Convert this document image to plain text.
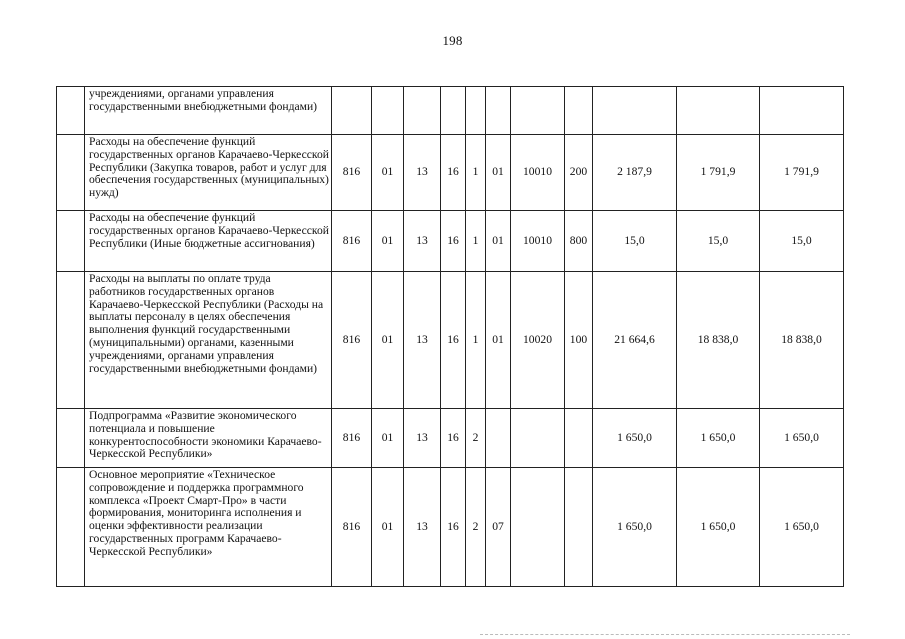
198
	учреждениями, органами управления государственными внебюджетными фондами)											
	Расходы на обеспечение функций государственных органов Карачаево-Черкесской Республики (Закупка товаров, работ и услуг для обеспечения государственных (муниципальных) нужд)	816	01	13	16	1	01	10010	200	2 187,9	1 791,9	1 791,9
	Расходы на обеспечение функций государственных органов Карачаево-Черкесской Республики (Иные бюджетные ассигнования)	816	01	13	16	1	01	10010	800	15,0	15,0	15,0
	Расходы на выплаты по оплате труда работников государственных органов Карачаево-Черкесской Республики (Расходы на выплаты персоналу в целях обеспечения выполнения функций государственными (муниципальными) органами, казенными учреждениями, органами управления государственными внебюджетными фондами)	816	01	13	16	1	01	10020	100	21 664,6	18 838,0	18 838,0
	Подпрограмма «Развитие экономического потенциала и повышение конкурентоспособности экономики Карачаево-Черкесской Республики»	816	01	13	16	2				1 650,0	1 650,0	1 650,0
	Основное мероприятие «Техническое сопровождение и поддержка программного комплекса «Проект Смарт-Про» в части формирования, мониторинга исполнения и оценки эффективности реализации государственных программ Карачаево-Черкесской Республики»	816	01	13	16	2	07			1 650,0	1 650,0	1 650,0
